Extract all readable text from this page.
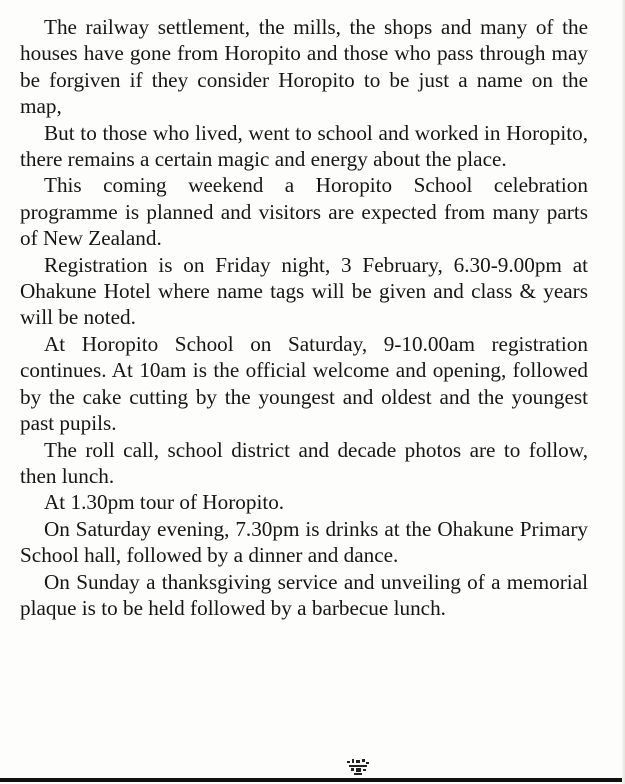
The railway settlement, the mills, the shops and many of the houses have gone from Horopito and those who pass through may be forgiven if they consider Horopito to be just a name on the map,

But to those who lived, went to school and worked in Horopito, there remains a certain magic and energy about the place.

This coming weekend a Horopito School celebration programme is planned and visitors are expected from many parts of New Zealand.

Registration is on Friday night, 3 February, 6.30-9.00pm at Ohakune Hotel where name tags will be given and class & years will be noted.

At Horopito School on Saturday, 9-10.00am registration continues. At 10am is the official welcome and opening, followed by the cake cutting by the youngest and oldest and the youngest past pupils.

The roll call, school district and decade photos are to follow, then lunch.

At 1.30pm tour of Horopito.

On Saturday evening, 7.30pm is drinks at the Ohakune Primary School hall, followed by a dinner and dance.

On Sunday a thanksgiving service and unveiling of a memorial plaque is to be held followed by a barbecue lunch.
